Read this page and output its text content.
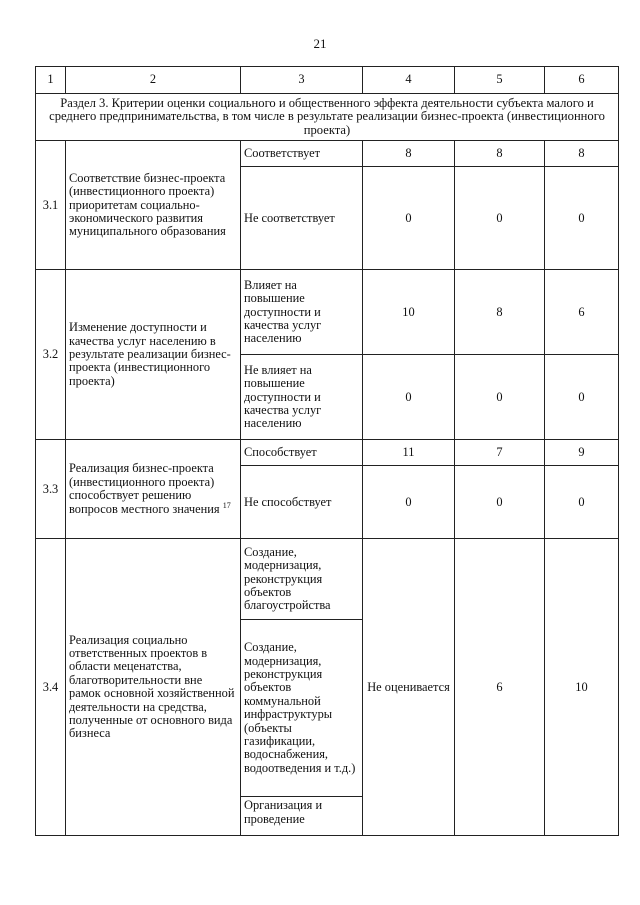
21
1	2	3	4	5	6
Раздел 3. Критерии оценки социального и общественного эффекта деятельности субъекта малого и среднего предпринимательства, в том числе в результате реализации бизнес-проекта (инвестиционного проекта)					
3.1	Соответствие бизнес-проекта (инвестиционного проекта) приоритетам социально-экономического развития муниципального образования	Соответствует	8	8	8
		Не соответствует	0	0	0
3.2	Изменение доступности и качества услуг населению в результате реализации бизнес-проекта (инвестиционного проекта)	Влияет на повышение доступности и качества услуг населению	10	8	6
		Не влияет на повышение доступности и качества услуг населению	0	0	0
3.3	Реализация бизнес-проекта (инвестиционного проекта) способствует решению вопросов местного значения $^{17}$	Способствует	11	7	9
		Не способствует	0	0	0
3.4	Реализация социально ответственных проектов в области меценатства, благотворительности вне рамок основной хозяйственной деятельности на средства, полученные от основного вида бизнеса	Создание, модернизация, реконструкция объектов благоустройства	Не оценивается	6	10
		Создание, модернизация, реконструкция объектов коммунальной инфраструктуры (объекты газификации, водоснабжения, водоотведения и т.д.)			
		Организация и проведение			
